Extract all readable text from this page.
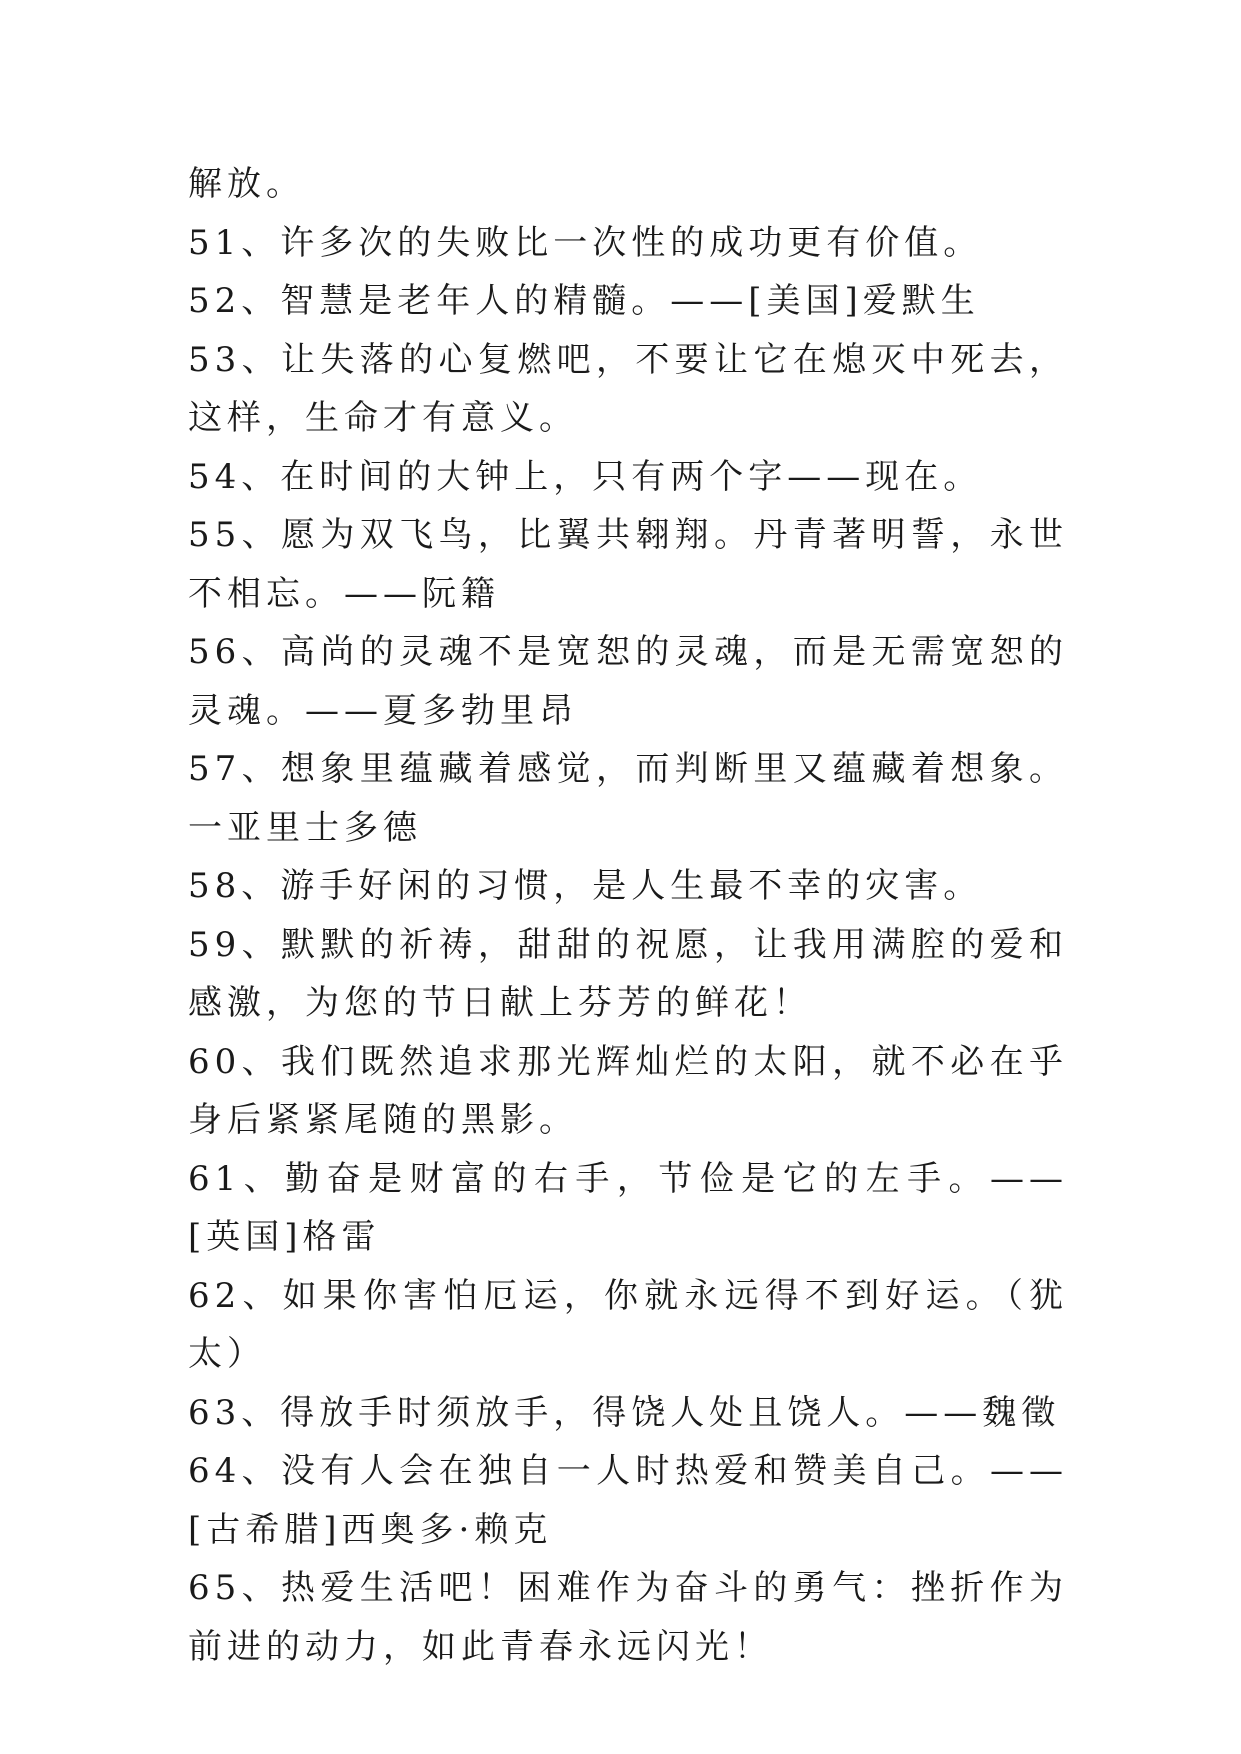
解放。

51、许多次的失败比一次性的成功更有价值。

52、智慧是老年人的精髓。——[美国]爱默生

53、让失落的心复燃吧，不要让它在熄灭中死去，这样，生命才有意义。

54、在时间的大钟上，只有两个字——现在。

55、愿为双飞鸟，比翼共翱翔。丹青著明誓，永世不相忘。——阮籍

56、高尚的灵魂不是宽恕的灵魂，而是无需宽恕的灵魂。——夏多勃里昂

57、想象里蕴藏着感觉，而判断里又蕴藏着想象。一亚里士多德

58、游手好闲的习惯，是人生最不幸的灾害。

59、默默的祈祷，甜甜的祝愿，让我用满腔的爱和感激，为您的节日献上芬芳的鲜花！

60、我们既然追求那光辉灿烂的太阳，就不必在乎身后紧紧尾随的黑影。

61、勤奋是财富的右手，节俭是它的左手。——[英国]格雷

62、如果你害怕厄运，你就永远得不到好运。（犹太）

63、得放手时须放手，得饶人处且饶人。——魏徵

64、没有人会在独自一人时热爱和赞美自己。——[古希腊]西奥多·赖克

65、热爱生活吧！困难作为奋斗的勇气：挫折作为前进的动力，如此青春永远闪光！
